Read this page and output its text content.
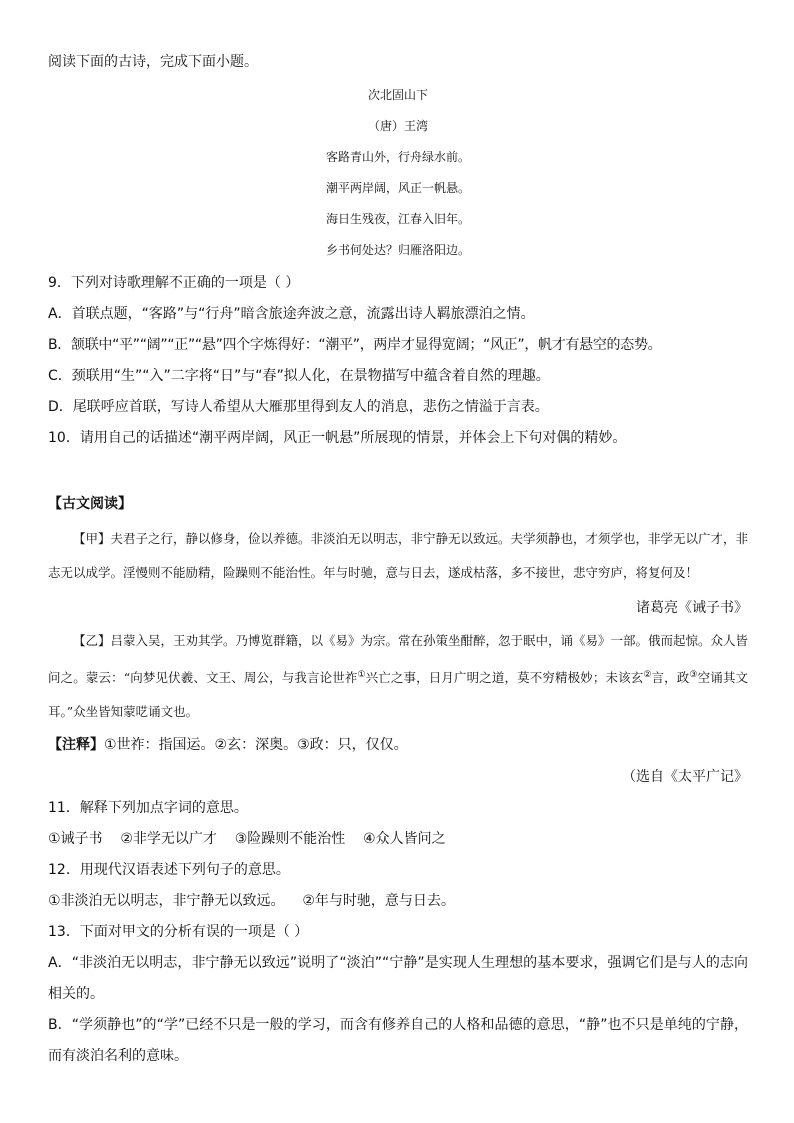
阅读下面的古诗，完成下面小题。

次北固山下

（唐）王湾

客路青山外，行舟绿水前。

潮平两岸阔，风正一帆悬。

海日生残夜，江春入旧年。

乡书何处达？归雁洛阳边。

9．下列对诗歌理解不正确的一项是（ ）

A．首联点题，“客路”与“行舟”暗含旅途奔波之意，流露出诗人羁旅漂泊之情。

B．颔联中“平”“阔”“正”“悬”四个字炼得好：“潮平”，两岸才显得宽阔；“风正”，帆才有悬空的态势。

C．颈联用“生”“入”二字将“日”与“春”拟人化，在景物描写中蕴含着自然的理趣。

D．尾联呼应首联，写诗人希望从大雁那里得到友人的消息，悲伤之情溢于言表。

10．请用自己的话描述“潮平两岸阔，风正一帆悬”所展现的情景，并体会上下句对偶的精妙。

【古文阅读】

【甲】夫君子之行，静以修身，俭以养德。非淡泊无以明志，非宁静无以致远。夫学须静也，才须学也，非学无以广才，非志无以成学。淫慢则不能励精，险躁则不能治性。年与时驰，意与日去，遂成枯落，多不接世，悲守穷庐，将复何及！

诸葛亮《诫子书》

【乙】吕蒙入吴，王劝其学。乃博览群籍，以《易》为宗。常在孙策坐酣醉，忽于眠中，诵《易》一部。俄而起惊。众人皆问之。蒙云：“向梦见伏羲、文王、周公，与我言论世祚①兴亡之事，日月广明之道，莫不穷精极妙；未该玄②言，政③空诵其文耳。”众坐皆知蒙呓诵文也。

【注释】①世祚：指国运。②玄：深奥。③政：只，仅仅。

（选自《太平广记》

11．解释下列加点字词的意思。

①诫子书    ②非学无以广才    ③险躁则不能治性    ④众人皆问之

12．用现代汉语表述下列句子的意思。

①非淡泊无以明志，非宁静无以致远。    ②年与时驰，意与日去。

13．下面对甲文的分析有误的一项是（ ）

A．“非淡泊无以明志，非宁静无以致远”说明了“淡泊”“宁静”是实现人生理想的基本要求，强调它们是与人的志向相关的。

B．“学须静也”的“学”已经不只是一般的学习，而含有修养自己的人格和品德的意思，“静”也不只是单纯的宁静，而有淡泊名利的意味。
